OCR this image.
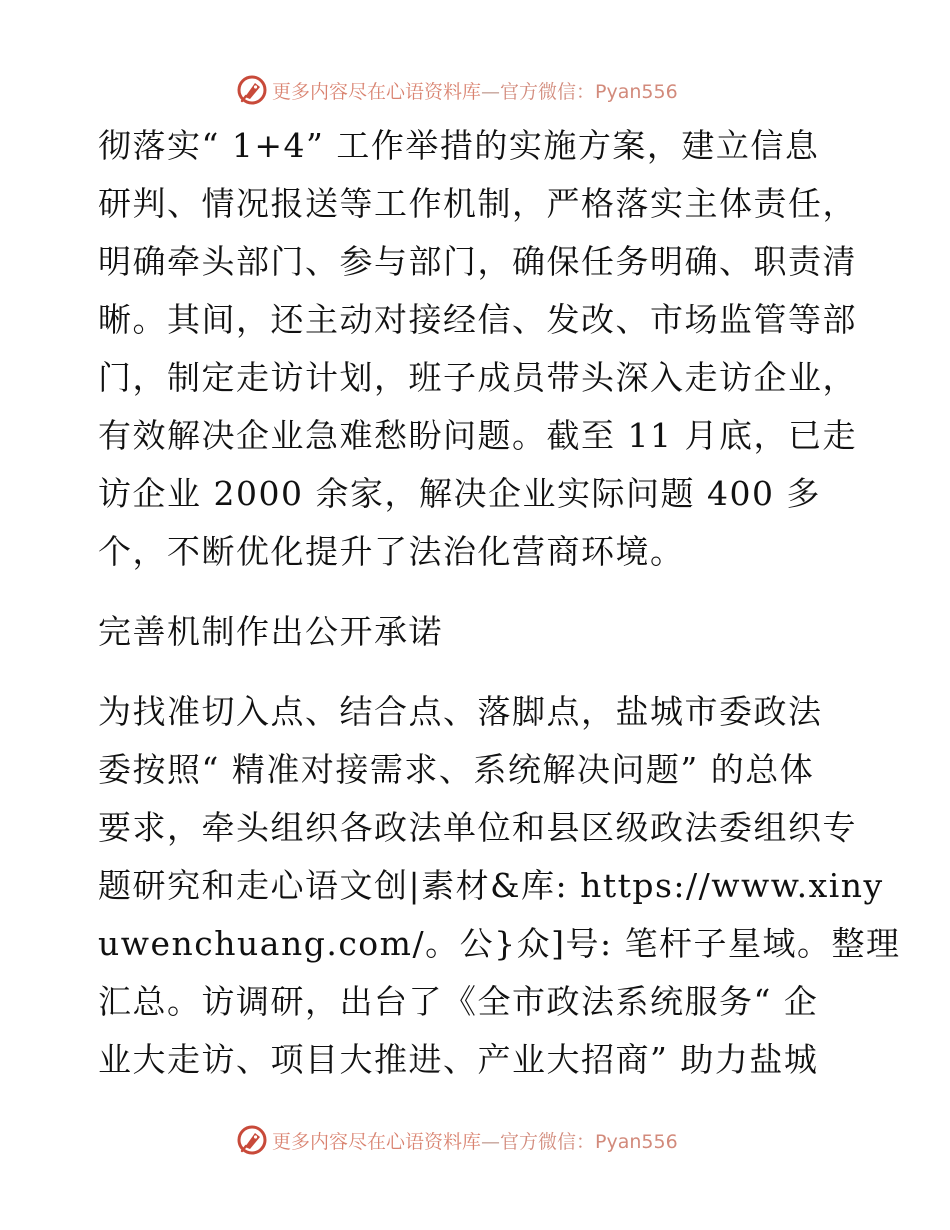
更多内容尽在心语资料库—官方微信：Pyan556
彻落实“ 1+4” 工作举措的实施方案，建立信息
研判、情况报送等工作机制，严格落实主体责任，
明确牵头部门、参与部门，确保任务明确、职责清
晰。其间，还主动对接经信、发改、市场监管等部
门，制定走访计划，班子成员带头深入走访企业，
有效解决企业急难愁盼问题。截至 11 月底，已走
访企业 2000 余家，解决企业实际问题 400 多
个，不断优化提升了法治化营商环境。
完善机制作出公开承诺
为找准切入点、结合点、落脚点，盐城市委政法
委按照“ 精准对接需求、系统解决问题” 的总体
要求，牵头组织各政法单位和县区级政法委组织专
题研究和走心语文创|素材&库: https://www.xiny
uwenchuang.com/。公}众]号: 笔杆子星域。整理
汇总。访调研，出台了《全市政法系统服务“ 企
业大走访、项目大推进、产业大招商” 助力盐城
更多内容尽在心语资料库—官方微信：Pyan556
